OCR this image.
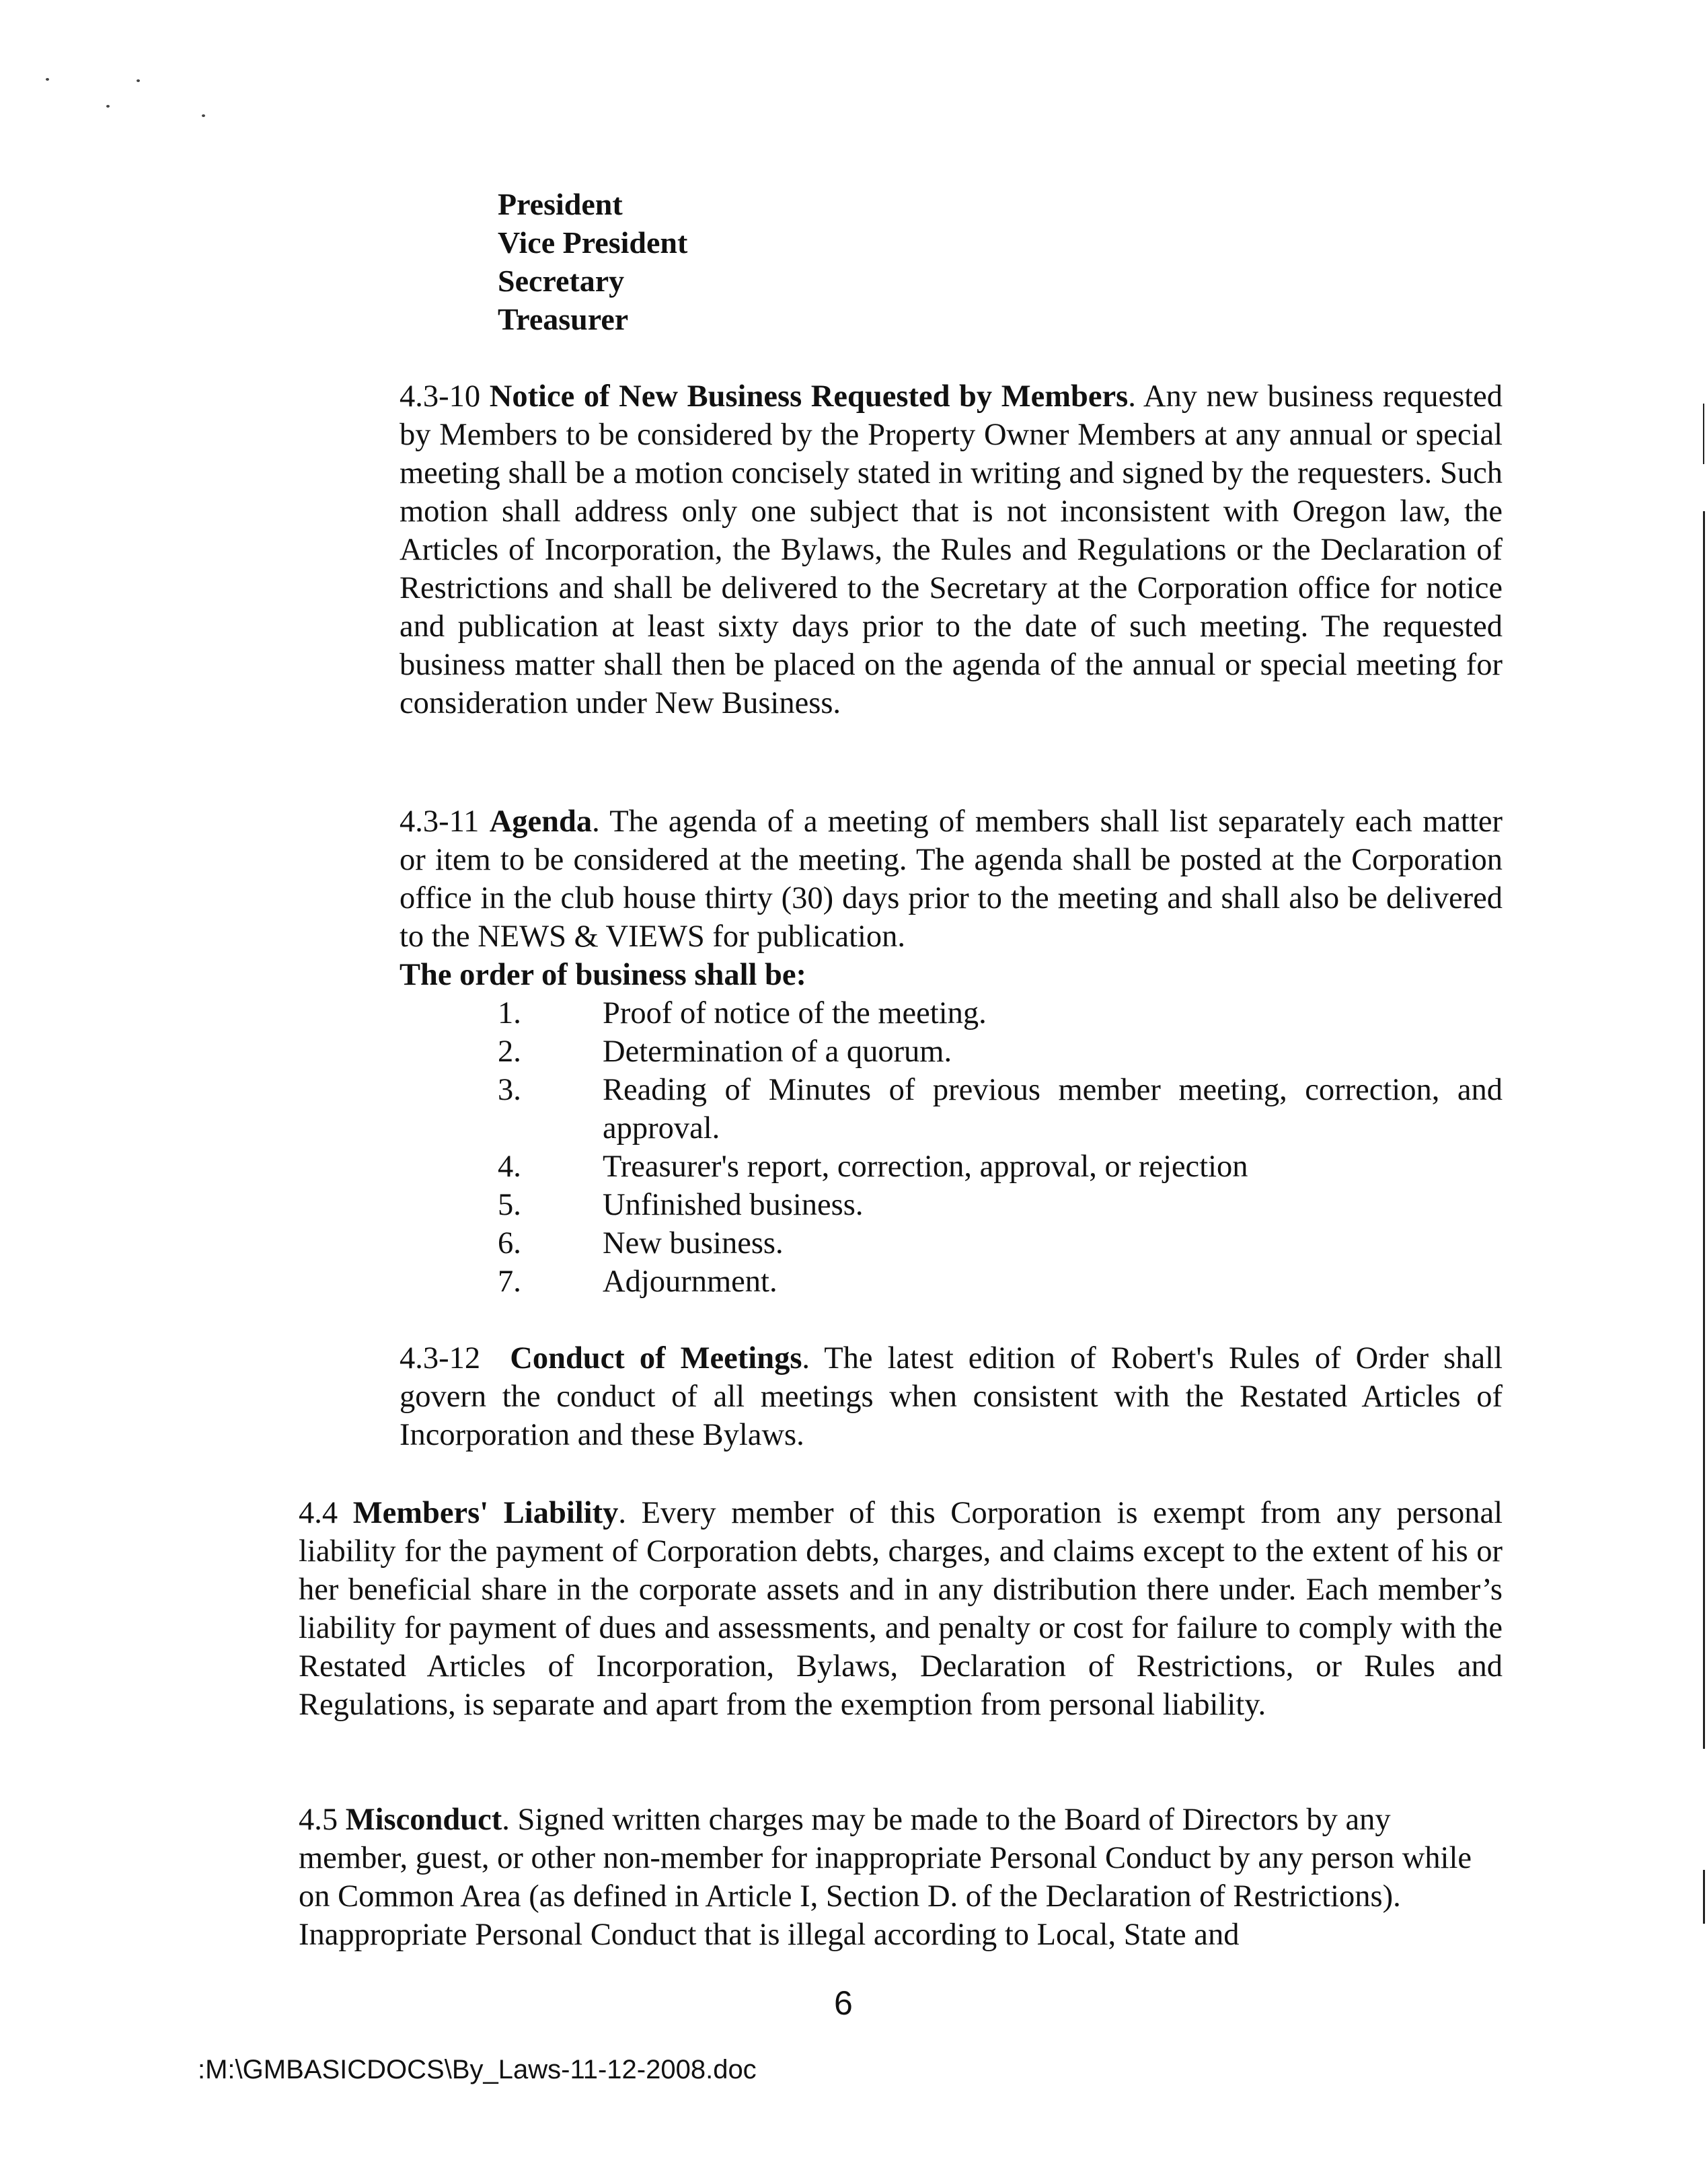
President
Vice President
Secretary
Treasurer

4.3-10 Notice of New Business Requested by Members. Any new business requested by Members to be considered by the Property Owner Members at any annual or special meeting shall be a motion concisely stated in writing and signed by the requesters. Such motion shall address only one subject that is not inconsistent with Oregon law, the Articles of Incorporation, the Bylaws, the Rules and Regulations or the Declaration of Restrictions and shall be delivered to the Secretary at the Corporation office for notice and publication at least sixty days prior to the date of such meeting. The requested business matter shall then be placed on the agenda of the annual or special meeting for consideration under New Business.

4.3-11 Agenda. The agenda of a meeting of members shall list separately each matter or item to be considered at the meeting. The agenda shall be posted at the Corporation office in the club house thirty (30) days prior to the meeting and shall also be delivered to the NEWS & VIEWS for publication.

The order of business shall be:
1.	Proof of notice of the meeting.
2.	Determination of a quorum.
3.	Reading of Minutes of previous member meeting, correction, and approval.
4.	Treasurer's report, correction, approval, or rejection
5.	Unfinished business.
6.	New business.
7.	Adjournment.

4.3-12 Conduct of Meetings. The latest edition of Robert's Rules of Order shall govern the conduct of all meetings when consistent with the Restated Articles of Incorporation and these Bylaws.

4.4 Members' Liability. Every member of this Corporation is exempt from any personal liability for the payment of Corporation debts, charges, and claims except to the extent of his or her beneficial share in the corporate assets and in any distribution there under. Each member’s liability for payment of dues and assessments, and penalty or cost for failure to comply with the Restated Articles of Incorporation, Bylaws, Declaration of Restrictions, or Rules and Regulations, is separate and apart from the exemption from personal liability.

4.5 Misconduct. Signed written charges may be made to the Board of Directors by any member, guest, or other non-member for inappropriate Personal Conduct by any person while on Common Area (as defined in Article I, Section D. of the Declaration of Restrictions). Inappropriate Personal Conduct that is illegal according to Local, State and

6
:M:\GMBASICDOCS\By_Laws-11-12-2008.doc
